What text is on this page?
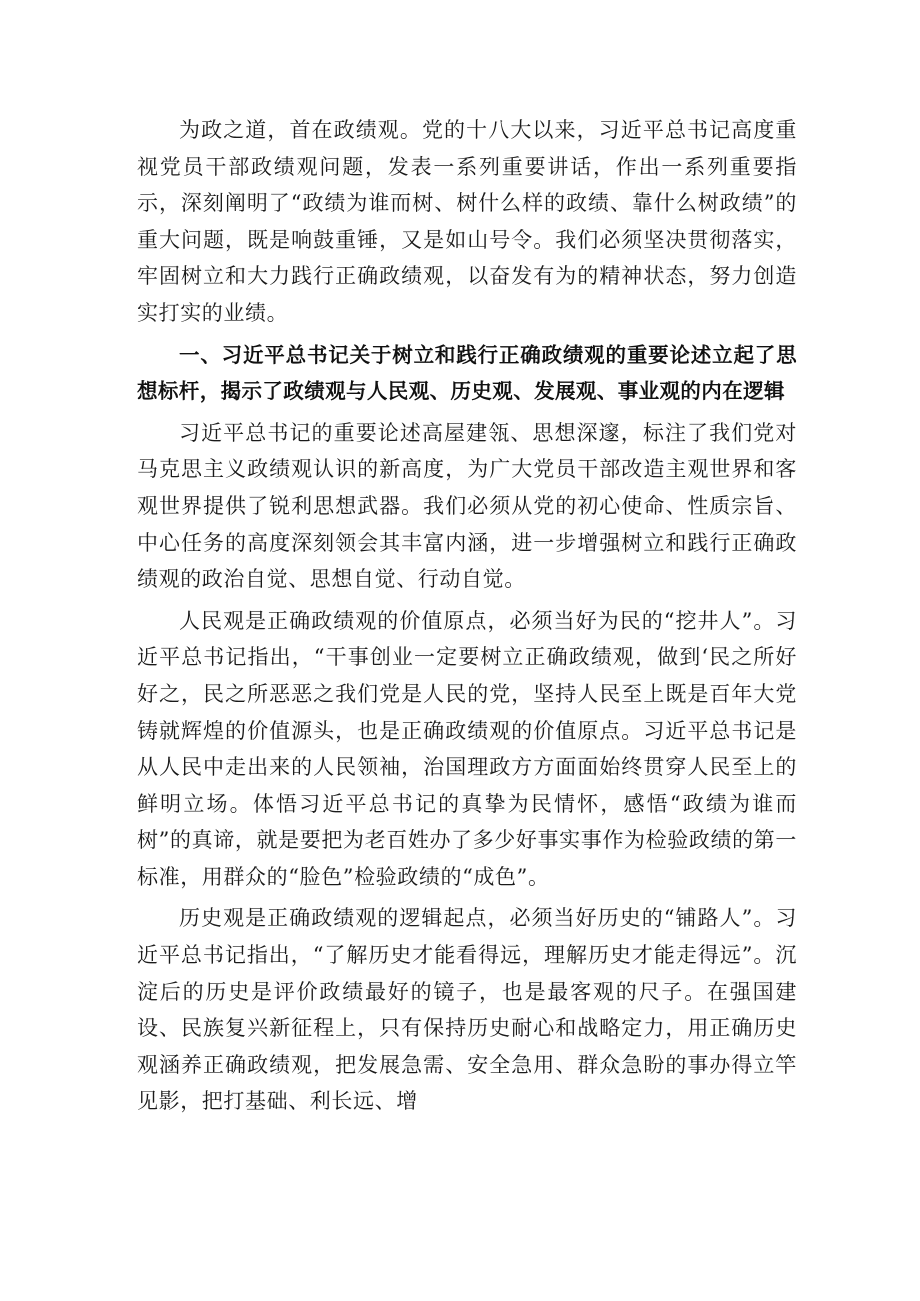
为政之道，首在政绩观。党的十八大以来，习近平总书记高度重视党员干部政绩观问题，发表一系列重要讲话，作出一系列重要指示，深刻阐明了“政绩为谁而树、树什么样的政绩、靠什么树政绩”的重大问题，既是响鼓重锤，又是如山号令。我们必须坚决贯彻落实，牢固树立和大力践行正确政绩观，以奋发有为的精神状态，努力创造实打实的业绩。

一、习近平总书记关于树立和践行正确政绩观的重要论述立起了思想标杆，揭示了政绩观与人民观、历史观、发展观、事业观的内在逻辑

习近平总书记的重要论述高屋建瓴、思想深邃，标注了我们党对马克思主义政绩观认识的新高度，为广大党员干部改造主观世界和客观世界提供了锐利思想武器。我们必须从党的初心使命、性质宗旨、中心任务的高度深刻领会其丰富内涵，进一步增强树立和践行正确政绩观的政治自觉、思想自觉、行动自觉。

人民观是正确政绩观的价值原点，必须当好为民的“挖井人”。习近平总书记指出，“干事创业一定要树立正确政绩观，做到‘民之所好好之，民之所恶恶之我们党是人民的党，坚持人民至上既是百年大党铸就辉煌的价值源头，也是正确政绩观的价值原点。习近平总书记是从人民中走出来的人民领袖，治国理政方方面面始终贯穿人民至上的鲜明立场。体悟习近平总书记的真挚为民情怀，感悟“政绩为谁而树”的真谛，就是要把为老百姓办了多少好事实事作为检验政绩的第一标准，用群众的“脸色”检验政绩的“成色”。

历史观是正确政绩观的逻辑起点，必须当好历史的“铺路人”。习近平总书记指出，“了解历史才能看得远，理解历史才能走得远”。沉淀后的历史是评价政绩最好的镜子，也是最客观的尺子。在强国建设、民族复兴新征程上，只有保持历史耐心和战略定力，用正确历史观涵养正确政绩观，把发展急需、安全急用、群众急盼的事办得立竿见影，把打基础、利长远、增
